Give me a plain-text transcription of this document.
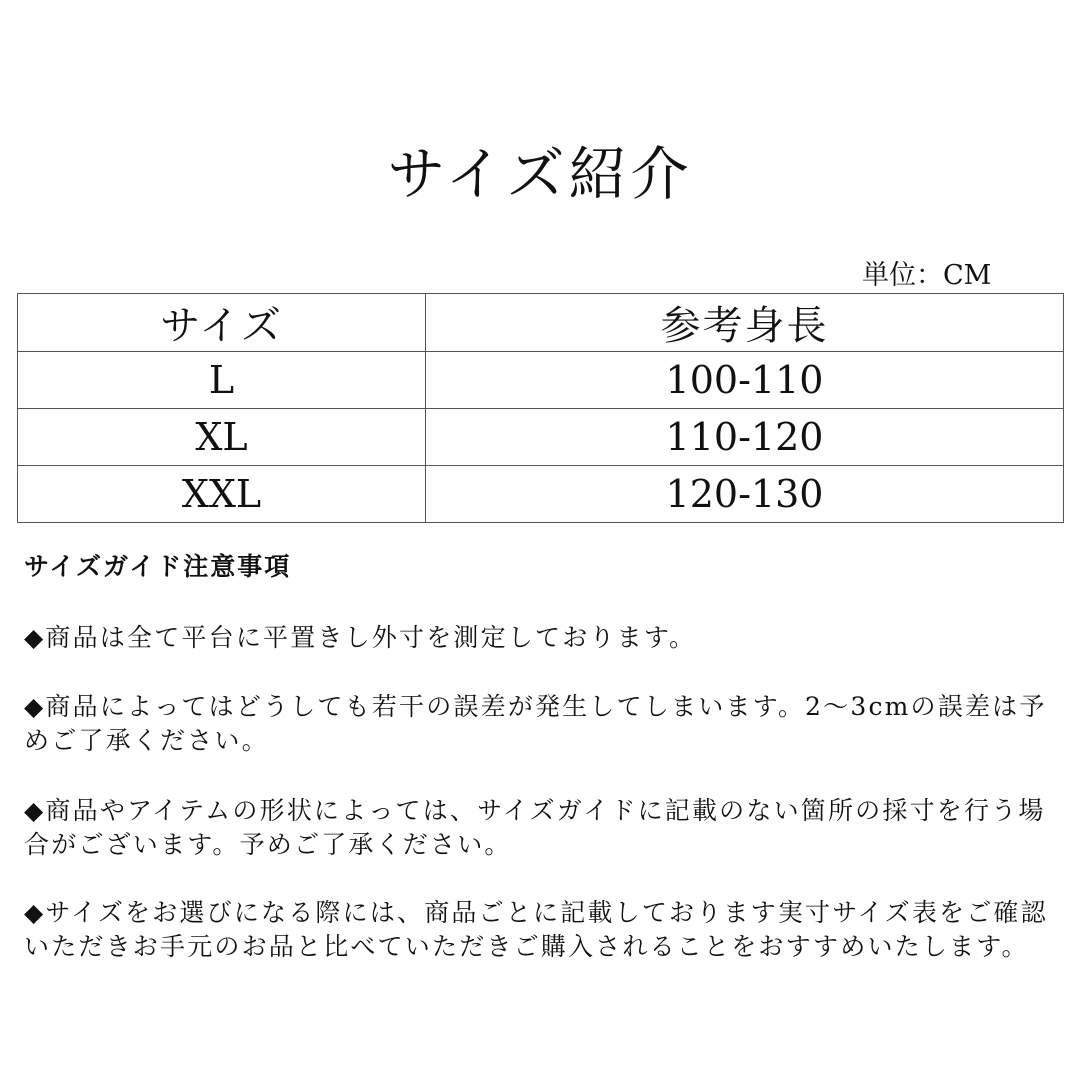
サイズ紹介
単位：CM
サイズ	参考身長
L	100-110
XL	110-120
XXL	120-130
サイズガイド注意事項
◆商品は全て平台に平置きし外寸を測定しております。
◆商品によってはどうしても若干の誤差が発生してしまいます。2～3cmの誤差は予めご了承ください。
◆商品やアイテムの形状によっては、サイズガイドに記載のない箇所の採寸を行う場合がございます。予めご了承ください。
◆サイズをお選びになる際には、商品ごとに記載しております実寸サイズ表をご確認いただきお手元のお品と比べていただきご購入されることをおすすめいたします。
